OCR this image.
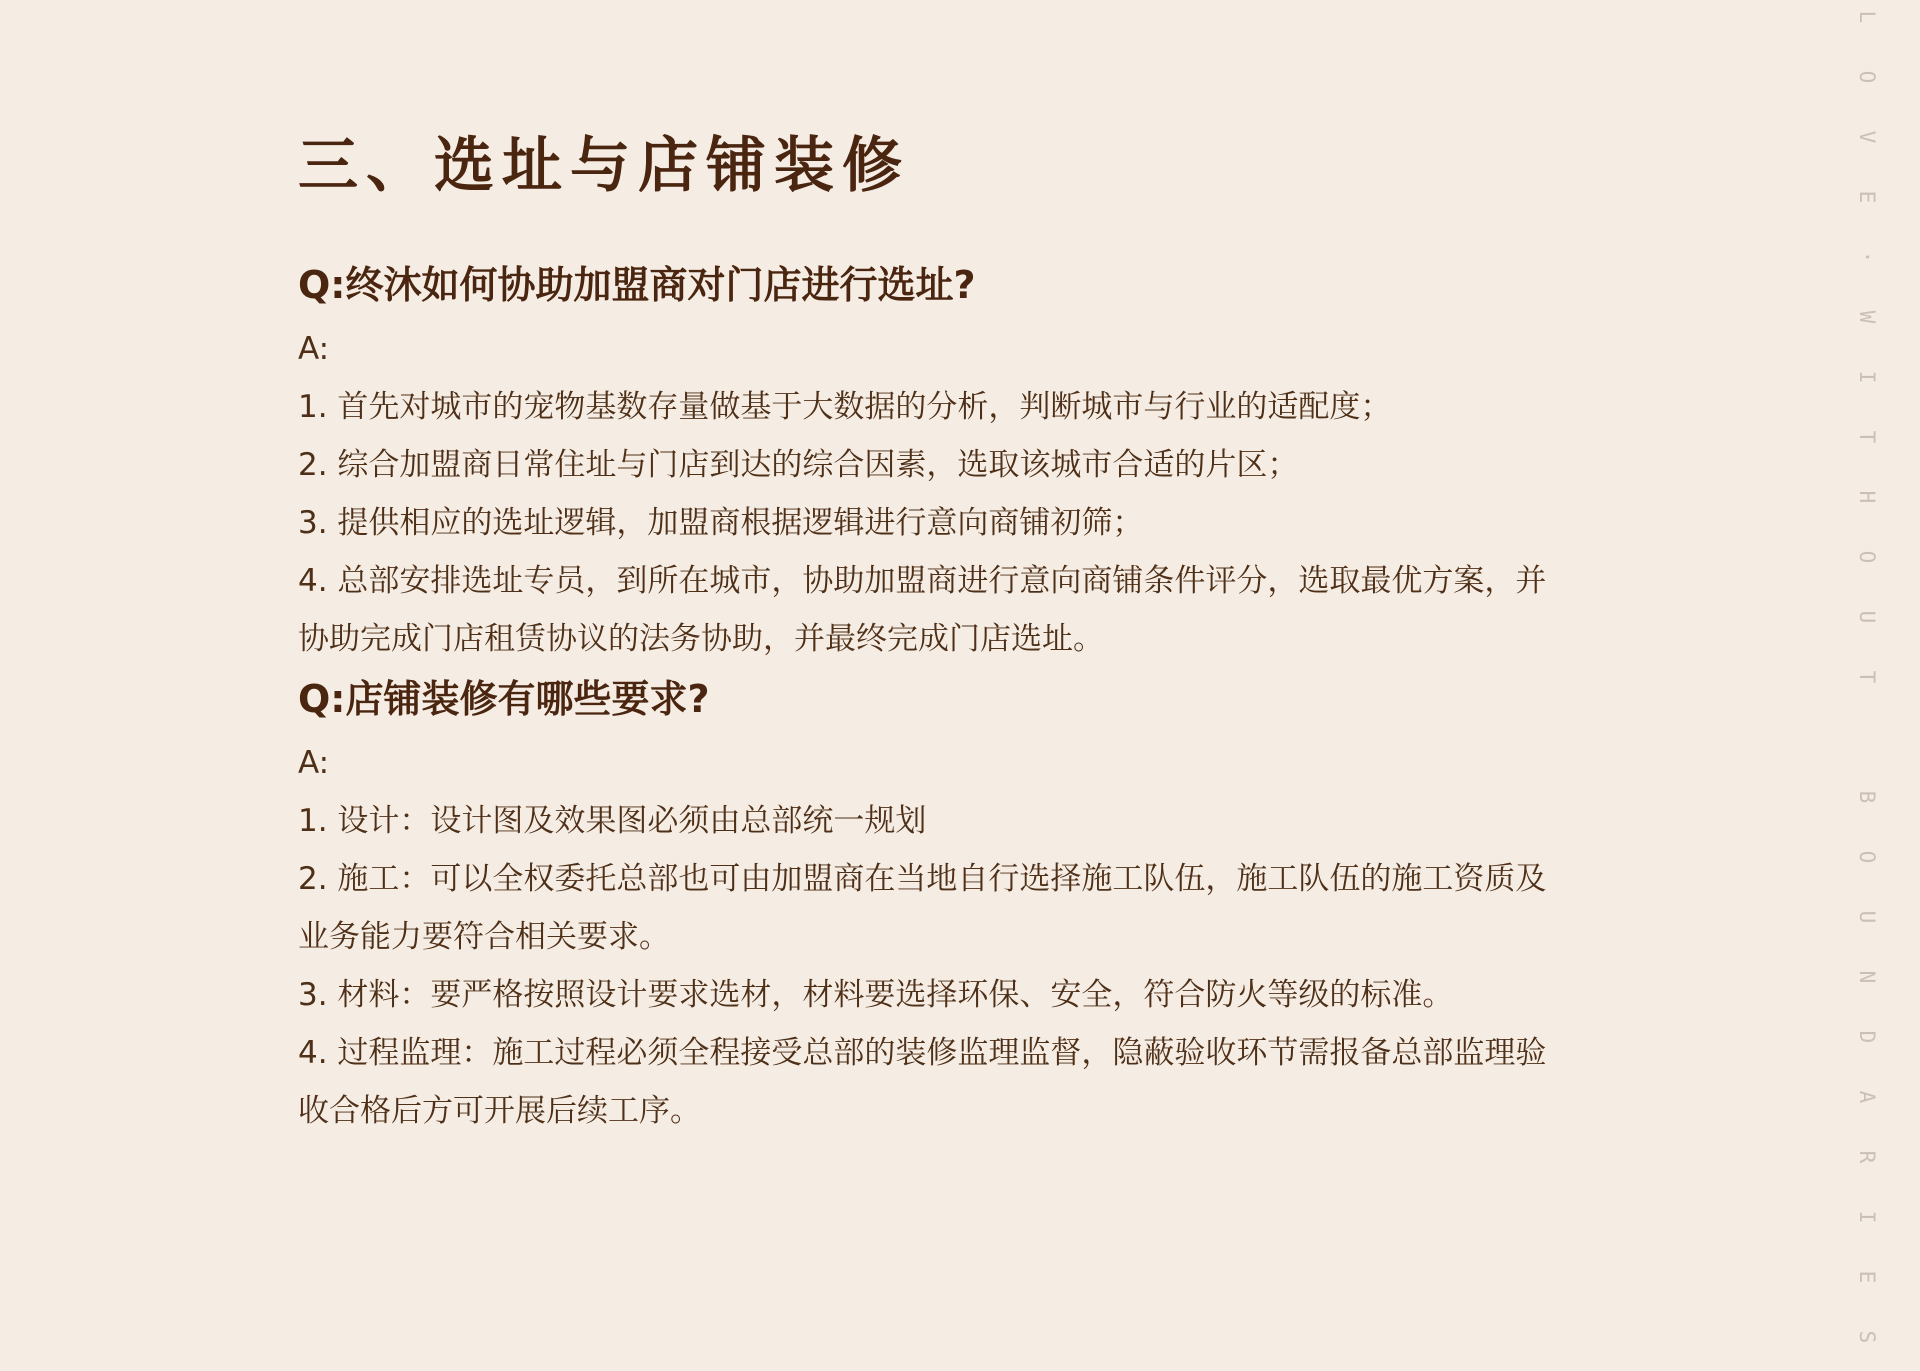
三、选址与店铺装修

Q:终沐如何协助加盟商对门店进行选址?

A:

1. 首先对城市的宠物基数存量做基于大数据的分析，判断城市与行业的适配度；

2. 综合加盟商日常住址与门店到达的综合因素，选取该城市合适的片区；

3. 提供相应的选址逻辑，加盟商根据逻辑进行意向商铺初筛；

4. 总部安排选址专员，到所在城市，协助加盟商进行意向商铺条件评分，选取最优方案，并协助完成门店租赁协议的法务协助，并最终完成门店选址。

Q:店铺装修有哪些要求?

A:

1. 设计：设计图及效果图必须由总部统一规划

2. 施工：可以全权委托总部也可由加盟商在当地自行选择施工队伍，施工队伍的施工资质及业务能力要符合相关要求。

3. 材料：要严格按照设计要求选材，材料要选择环保、安全，符合防火等级的标准。

4. 过程监理：施工过程必须全程接受总部的装修监理监督，隐蔽验收环节需报备总部监理验收合格后方可开展后续工序。

L
O
V
E
·
W
I
T
H
O
U
T
B
O
U
N
D
A
R
I
E
S
